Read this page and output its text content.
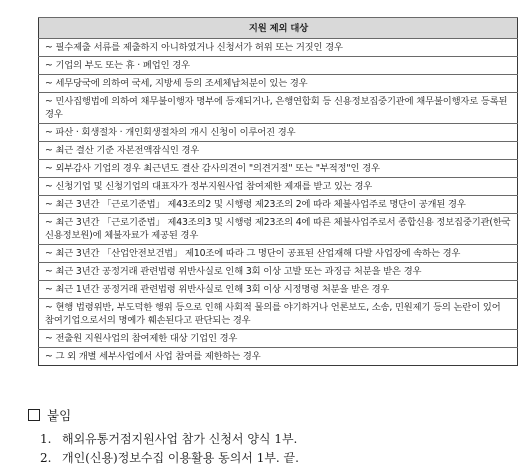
지원 제외 대상
~ 필수제출 서류를 제출하지 아니하였거나 신청서가 허위 또는 거짓인 경우
~ 기업의 부도 또는 휴 · 폐업인 경우
~ 세무당국에 의하여 국세, 지방세 등의 조세체납처분이 있는 경우
~ 민사집행법에 의하여 채무불이행자 명부에 등재되거나, 은행연합회 등 신용정보집중기관에 채무불이행자로 등록된 경우
~ 파산 · 회생절차 · 개인회생절차의 개시 신청이 이루어진 경우
~ 최근 결산 기준 자본전액잠식인 경우
~ 외부감사 기업의 경우 최근년도 결산 감사의견이 "의견거절" 또는 "부적정"인 경우
~ 신청기업 및 신청기업의 대표자가 정부지원사업 참여제한 제재를 받고 있는 경우
~ 최근 3년간 「근로기준법」 제43조의2 및 시행령 제23조의 2에 따라 체불사업주로 명단이 공개된 경우
~ 최근 3년간 「근로기준법」 제43조의3 및 시행령 제23조의 4에 따른 체불사업주로서 종합신용 정보집중기관(한국신용정보원)에 체불자료가 제공된 경우
~ 최근 3년간 「산업안전보건법」 제10조에 따라 그 명단이 공표된 산업재해 다발 사업장에 속하는 경우
~ 최근 3년간 공정거래 관련법령 위반사실로 인해 3회 이상 고발 또는 과징금 처분을 받은 경우
~ 최근 1년간 공정거래 관련법령 위반사실로 인해 3회 이상 시정명령 처분을 받은 경우
~ 현행 법령위반, 부도덕한 행위 등으로 인해 사회적 물의를 야기하거나 언론보도, 소송, 민원제기 등의 논란이 있어 참여기업으로서의 명예가 훼손된다고 판단되는 경우
~ 전출원 지원사업의 참여제한 대상 기업인 경우
~ 그 외 개별 세부사업에서 사업 참여를 제한하는 경우
붙임
1. 해외유통거점지원사업 참가 신청서 양식 1부.
2. 개인(신용)정보수집 이용활용 동의서 1부. 끝.
